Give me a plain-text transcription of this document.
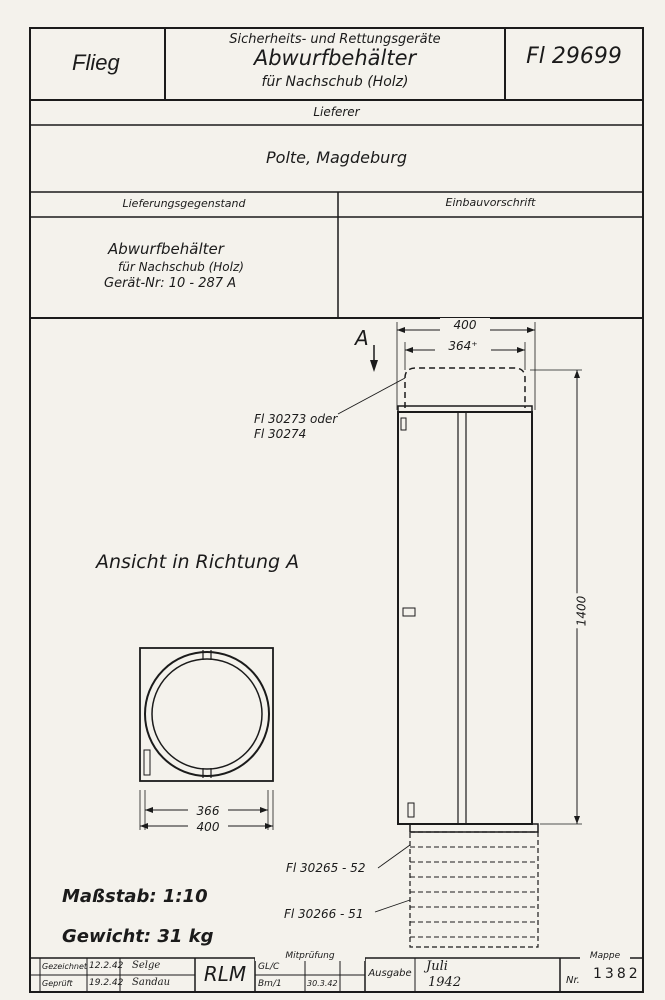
Flieg
Sicherheits- und Rettungsgeräte
Abwurfbehälter
für Nachschub (Holz)
Fl 29699
Lieferer
Polte, Magdeburg
Lieferungsgegenstand	Einbauvorschrift
Abwurfbehälter
für Nachschub (Holz)
Gerät-Nr: 10 - 287 A
A
400
364⁺
1400
Fl 30273 oder
Fl 30274
Fl 30265 - 52
Fl 30266 - 51
Ansicht in Richtung A
366
400
Maßstab: 1:10
Gewicht: 31 kg
Gezeichnet 12.2.42 Selge
Geprüft 19.2.42 Sandau	RLM
Mitprüfung
GL/C
Bm/1	30.3.42
Ausgabe Juli
1942
Mappe
Nr. 1382
